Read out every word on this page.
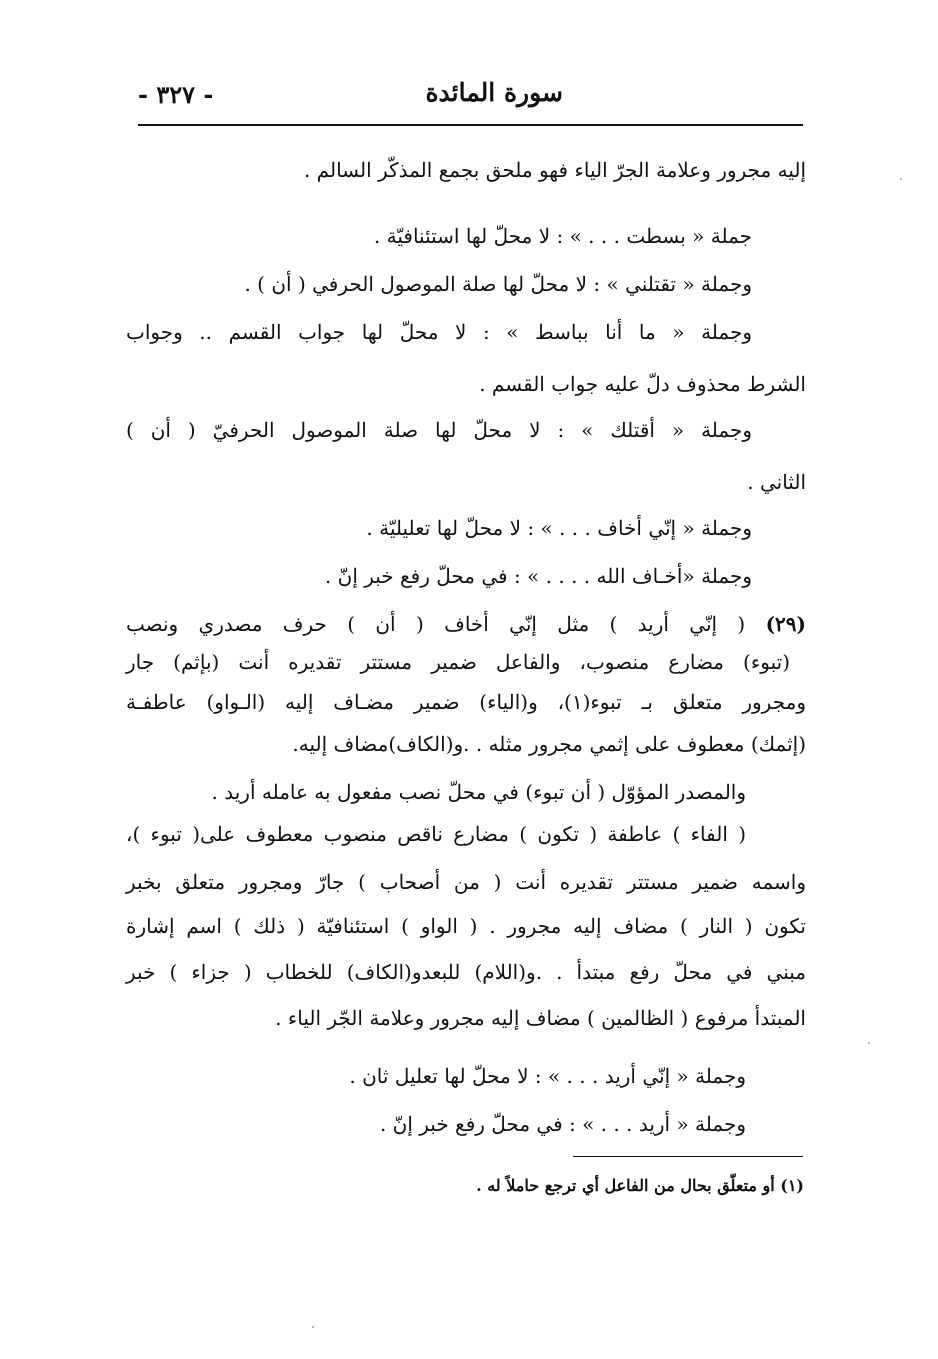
سورة المائدة
- ٣٢٧ -
إليه مجرور وعلامة الجرّ الياء فهو ملحق بجمع المذكّر السالم .
جملة « بسطت . . . » : لا محلّ لها استئنافيّة .
وجملة « تقتلني » : لا محلّ لها صلة الموصول الحرفي ( أن ) .
وجملة « ما أنا بباسط » : لا محلّ لها جواب القسم .. وجواب
الشرط محذوف دلّ عليه جواب القسم .
وجملة « أقتلك » : لا محلّ لها صلة الموصول الحرفيّ ( أن )
الثاني .
وجملة « إنّي أخاف . . . » : لا محلّ لها تعليليّة .
وجملة «أخـاف الله . . . . » : في محلّ رفع خبر إنّ .
(٢٩) ( إنّي أريد ) مثل إنّي أخاف ( أن ) حرف مصدري ونصب
(تبوء) مضارع منصوب، والفاعل ضمير مستتر تقديره أنت (بإثم) جار
ومجرور متعلق بـ تبوء(١)، و(الياء) ضمير مضـاف إليه (الـواو) عاطفـة
(إثمك) معطوف على إثمي مجرور مثله . .و(الكاف)مضاف إليه.
والمصدر المؤوّل ( أن تبوء) في محلّ نصب مفعول به عامله أريد .
( الفاء ) عاطفة ( تكون ) مضارع ناقص منصوب معطوف على( تبوء )،
واسمه ضمير مستتر تقديره أنت ( من أصحاب ) جارّ ومجرور متعلق بخبر
تكون ( النار ) مضاف إليه مجرور . ( الواو ) استئنافيّة ( ذلك ) اسم إشارة
مبني في محلّ رفع مبتدأ . .و(اللام) للبعدو(الكاف) للخطاب ( جزاء ) خبر
المبتدأ مرفوع ( الظالمين ) مضاف إليه مجرور وعلامة الجّر الياء .
وجملة « إنّي أريد . . . » : لا محلّ لها تعليل ثان .
وجملة « أريد . . . » : في محلّ رفع خبر إنّ .
(١) أو متعلّق بحال من الفاعل أي ترجع حاملاً له .
